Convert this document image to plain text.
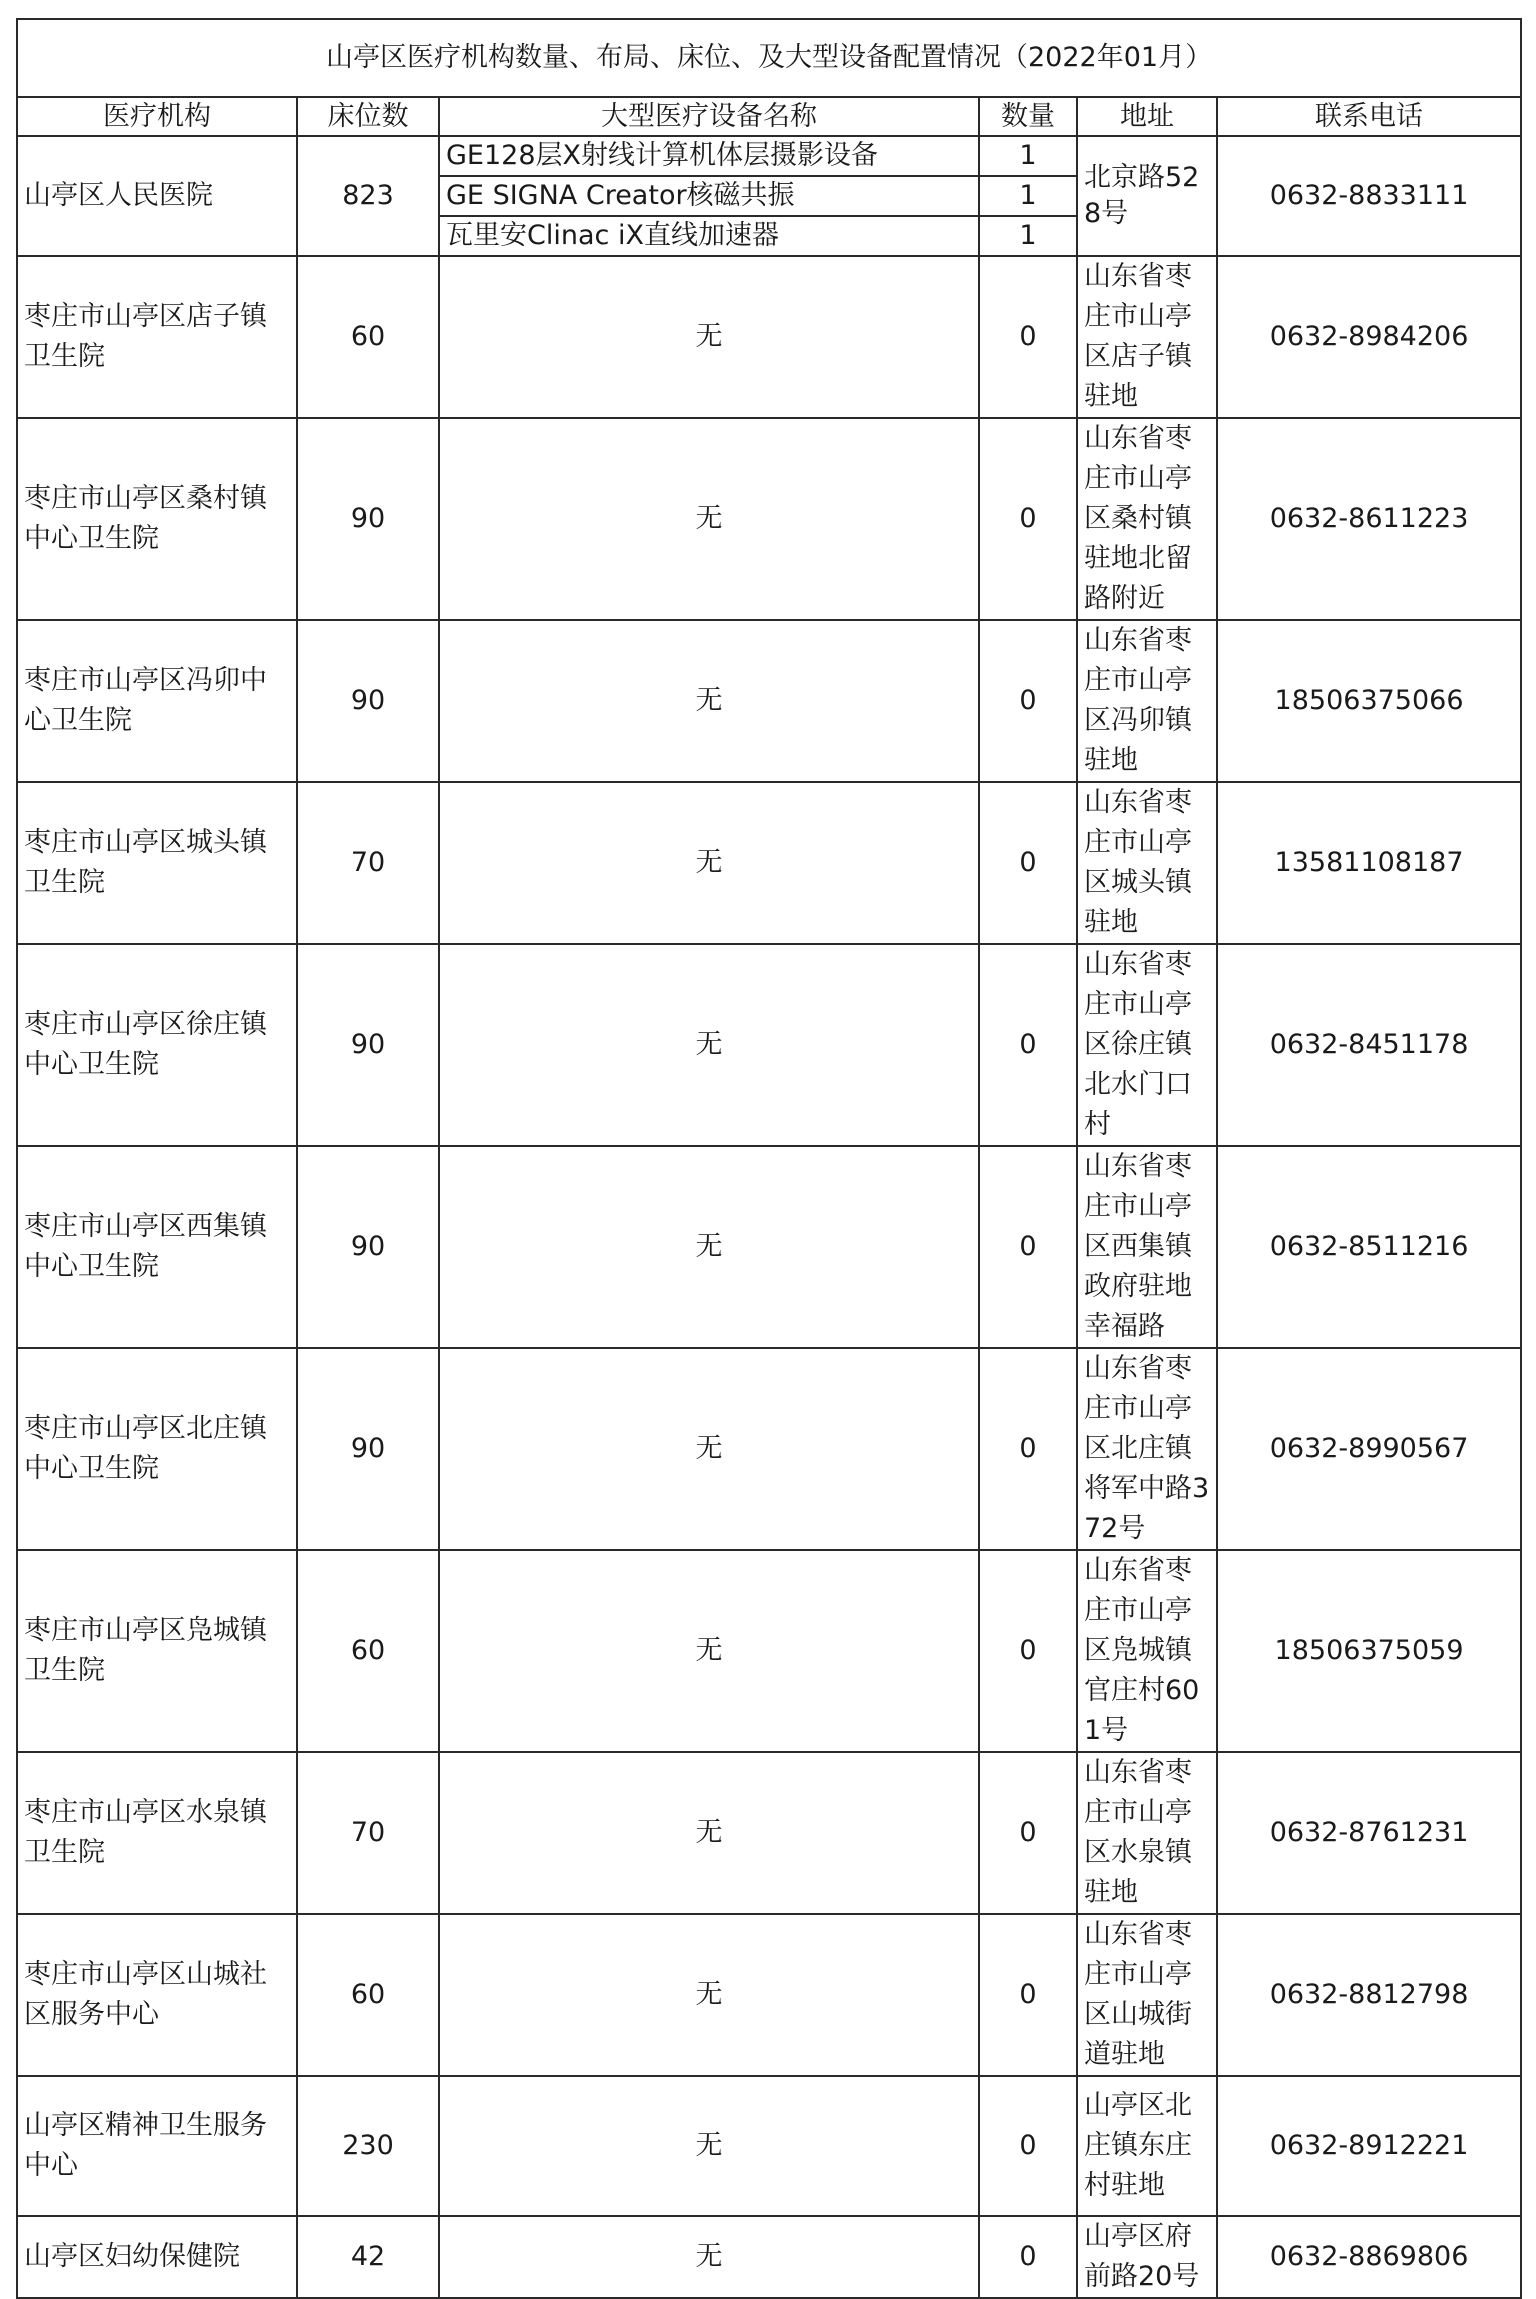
山亭区医疗机构数量、布局、床位、及大型设备配置情况（2022年01月）					
医疗机构	床位数	大型医疗设备名称	数量	地址	联系电话
山亭区人民医院	823	GE128层X射线计算机体层摄影设备	1	北京路528号	0632-8833111
		GE SIGNA Creator核磁共振	1		
		瓦里安Clinac iX直线加速器	1		
枣庄市山亭区店子镇卫生院	60	无	0	山东省枣庄市山亭区店子镇驻地	0632-8984206
枣庄市山亭区桑村镇中心卫生院	90	无	0	山东省枣庄市山亭区桑村镇驻地北留路附近	0632-8611223
枣庄市山亭区冯卯中心卫生院	90	无	0	山东省枣庄市山亭区冯卯镇驻地	18506375066
枣庄市山亭区城头镇卫生院	70	无	0	山东省枣庄市山亭区城头镇驻地	13581108187
枣庄市山亭区徐庄镇中心卫生院	90	无	0	山东省枣庄市山亭区徐庄镇北水门口村	0632-8451178
枣庄市山亭区西集镇中心卫生院	90	无	0	山东省枣庄市山亭区西集镇政府驻地幸福路	0632-8511216
枣庄市山亭区北庄镇中心卫生院	90	无	0	山东省枣庄市山亭区北庄镇将军中路372号	0632-8990567
枣庄市山亭区凫城镇卫生院	60	无	0	山东省枣庄市山亭区凫城镇官庄村601号	18506375059
枣庄市山亭区水泉镇卫生院	70	无	0	山东省枣庄市山亭区水泉镇驻地	0632-8761231
枣庄市山亭区山城社区服务中心	60	无	0	山东省枣庄市山亭区山城街道驻地	0632-8812798
山亭区精神卫生服务中心	230	无	0	山亭区北庄镇东庄村驻地	0632-8912221
山亭区妇幼保健院	42	无	0	山亭区府前路20号	0632-8869806
